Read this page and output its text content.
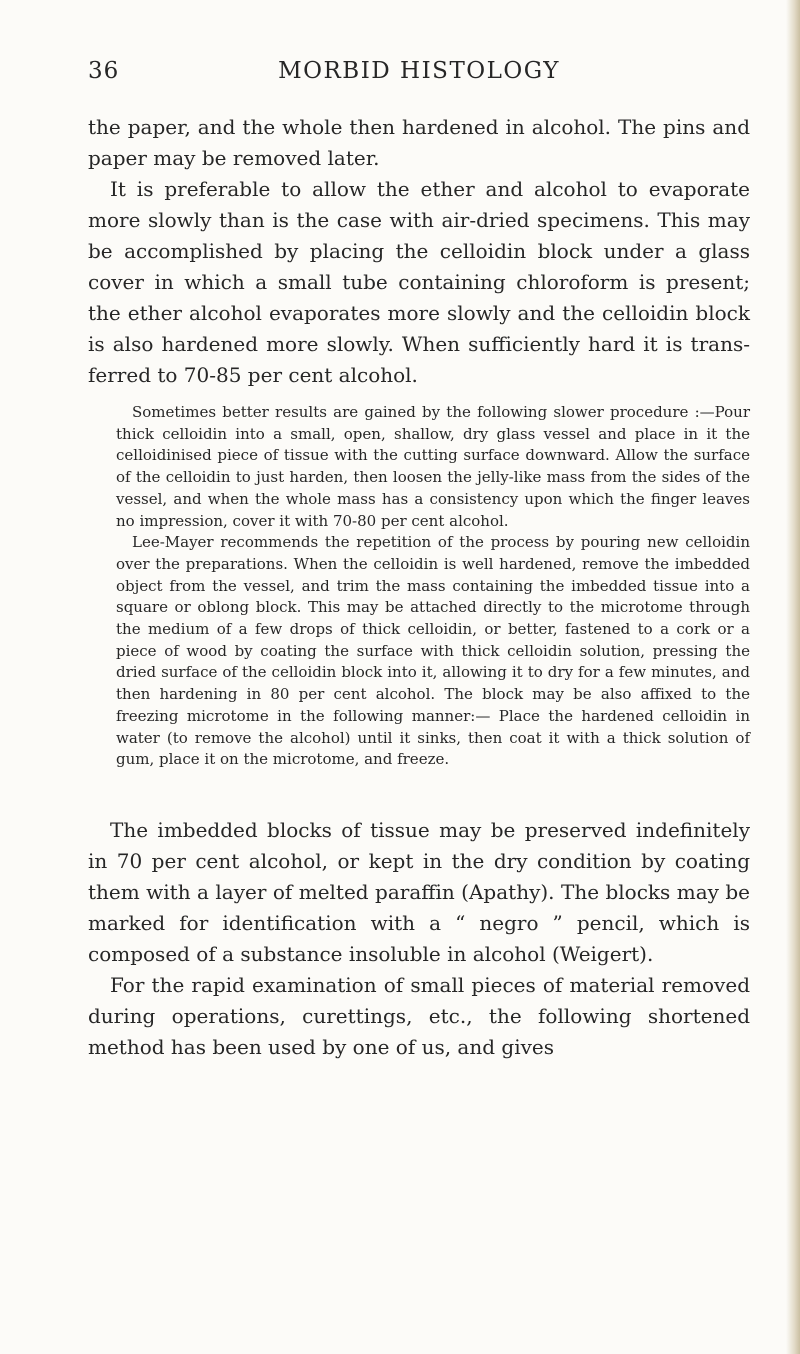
36	MORBID HISTOLOGY

the paper, and the whole then hardened in alcohol. The pins and paper may be removed later.

It is preferable to allow the ether and alcohol to evaporate more slowly than is the case with air-dried specimens. This may be accomplished by placing the celloidin block under a glass cover in which a small tube containing chloroform is present; the ether alcohol evaporates more slowly and the celloidin block is also hardened more slowly. When sufficiently hard it is transferred to 70-85 per cent alcohol.

Sometimes better results are gained by the following slower procedure :—Pour thick celloidin into a small, open, shallow, dry glass vessel and place in it the celloidinised piece of tissue with the cutting surface downward. Allow the surface of the celloidin to just harden, then loosen the jelly-like mass from the sides of the vessel, and when the whole mass has a consistency upon which the finger leaves no impression, cover it with 70-80 per cent alcohol.

Lee-Mayer recommends the repetition of the process by pouring new celloidin over the preparations. When the celloidin is well hardened, remove the imbedded object from the vessel, and trim the mass containing the imbedded tissue into a square or oblong block. This may be attached directly to the microtome through the medium of a few drops of thick celloidin, or better, fastened to a cork or a piece of wood by coating the surface with thick celloidin solution, pressing the dried surface of the celloidin block into it, allowing it to dry for a few minutes, and then hardening in 80 per cent alcohol. The block may be also affixed to the freezing microtome in the following manner:— Place the hardened celloidin in water (to remove the alcohol) until it sinks, then coat it with a thick solution of gum, place it on the microtome, and freeze.

The imbedded blocks of tissue may be preserved indefinitely in 70 per cent alcohol, or kept in the dry condition by coating them with a layer of melted paraffin (Apathy). The blocks may be marked for identification with a “ negro ” pencil, which is composed of a substance insoluble in alcohol (Weigert).

For the rapid examination of small pieces of material removed during operations, curettings, etc., the following shortened method has been used by one of us, and gives
